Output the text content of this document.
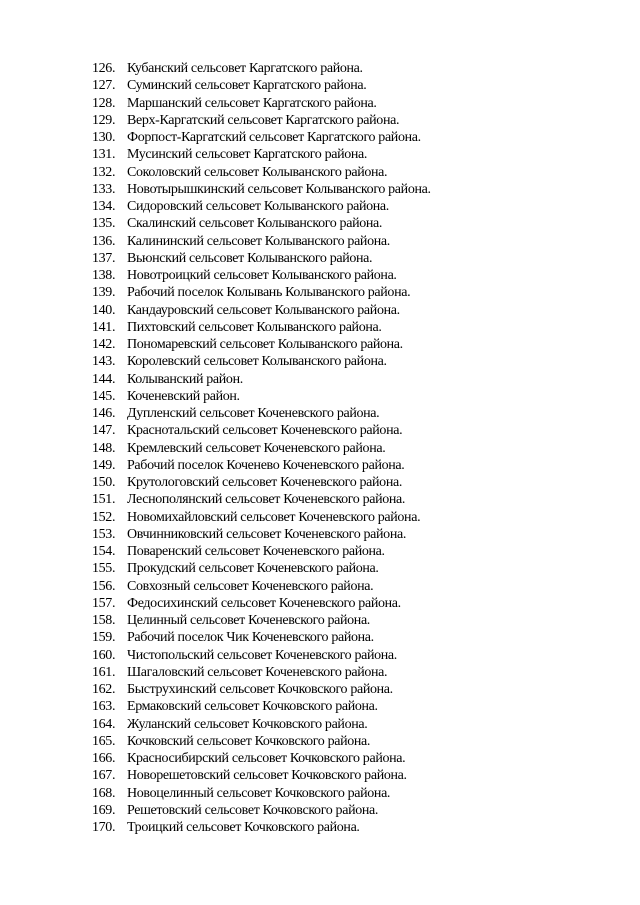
126. Кубанский сельсовет Каргатского района.
127. Суминский сельсовет Каргатского района.
128. Маршанский сельсовет Каргатского района.
129. Верх-Каргатский сельсовет Каргатского района.
130. Форпост-Каргатский сельсовет Каргатского района.
131. Мусинский сельсовет Каргатского района.
132. Соколовский сельсовет Колыванского района.
133. Новотырышкинский сельсовет Колыванского района.
134. Сидоровский сельсовет Колыванского района.
135. Скалинский сельсовет Колыванского района.
136. Калининский сельсовет Колыванского района.
137. Вьюнский сельсовет Колыванского района.
138. Новотроицкий сельсовет Колыванского района.
139. Рабочий поселок Колывань Колыванского района.
140. Кандауровский сельсовет Колыванского района.
141. Пихтовский сельсовет Колыванского района.
142. Пономаревский сельсовет Колыванского района.
143. Королевский сельсовет Колыванского района.
144. Колыванский район.
145. Коченевский район.
146. Дупленский сельсовет Коченевского района.
147. Краснотальский сельсовет Коченевского района.
148. Кремлевский сельсовет Коченевского района.
149. Рабочий поселок Коченево Коченевского района.
150. Крутологовский сельсовет Коченевского района.
151. Леснополянский сельсовет Коченевского района.
152. Новомихайловский сельсовет Коченевского района.
153. Овчинниковский сельсовет Коченевского района.
154. Поваренский сельсовет Коченевского района.
155. Прокудский сельсовет Коченевского района.
156. Совхозный сельсовет Коченевского района.
157. Федосихинский сельсовет Коченевского района.
158. Целинный сельсовет Коченевского района.
159. Рабочий поселок Чик Коченевского района.
160. Чистопольский сельсовет Коченевского района.
161. Шагаловский сельсовет Коченевского района.
162. Быструхинский сельсовет Кочковского района.
163. Ермаковский сельсовет Кочковского района.
164. Жуланский сельсовет Кочковского района.
165. Кочковский сельсовет Кочковского района.
166. Красносибирский сельсовет Кочковского района.
167. Новорешетовский сельсовет Кочковского района.
168. Новоцелинный сельсовет Кочковского района.
169. Решетовский сельсовет Кочковского района.
170. Троицкий сельсовет Кочковского района.
